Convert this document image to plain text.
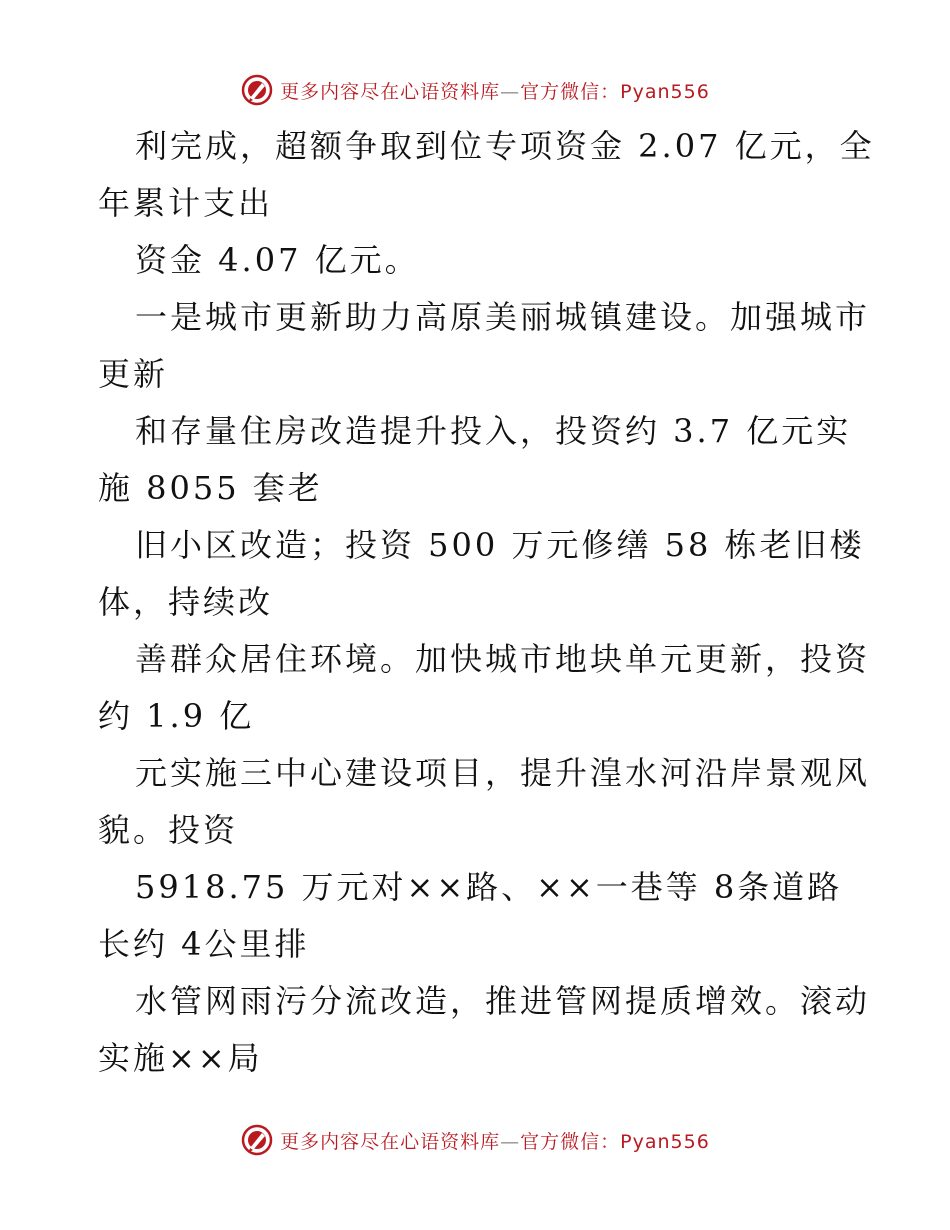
更多内容尽在心语资料库—官方微信：Pyan556
利完成，超额争取到位专项资金 2.07 亿元，全
年累计支出
资金 4.07 亿元。
一是城市更新助力高原美丽城镇建设。加强城市
更新
和存量住房改造提升投入，投资约 3.7 亿元实
施 8055 套老
旧小区改造；投资 500 万元修缮 58 栋老旧楼
体，持续改
善群众居住环境。加快城市地块单元更新，投资
约 1.9 亿
元实施三中心建设项目，提升湟水河沿岸景观风
貌。投资
5918.75 万元对××路、××一巷等 8条道路
长约 4公里排
水管网雨污分流改造，推进管网提质增效。滚动
实施××局
更多内容尽在心语资料库—官方微信：Pyan556
